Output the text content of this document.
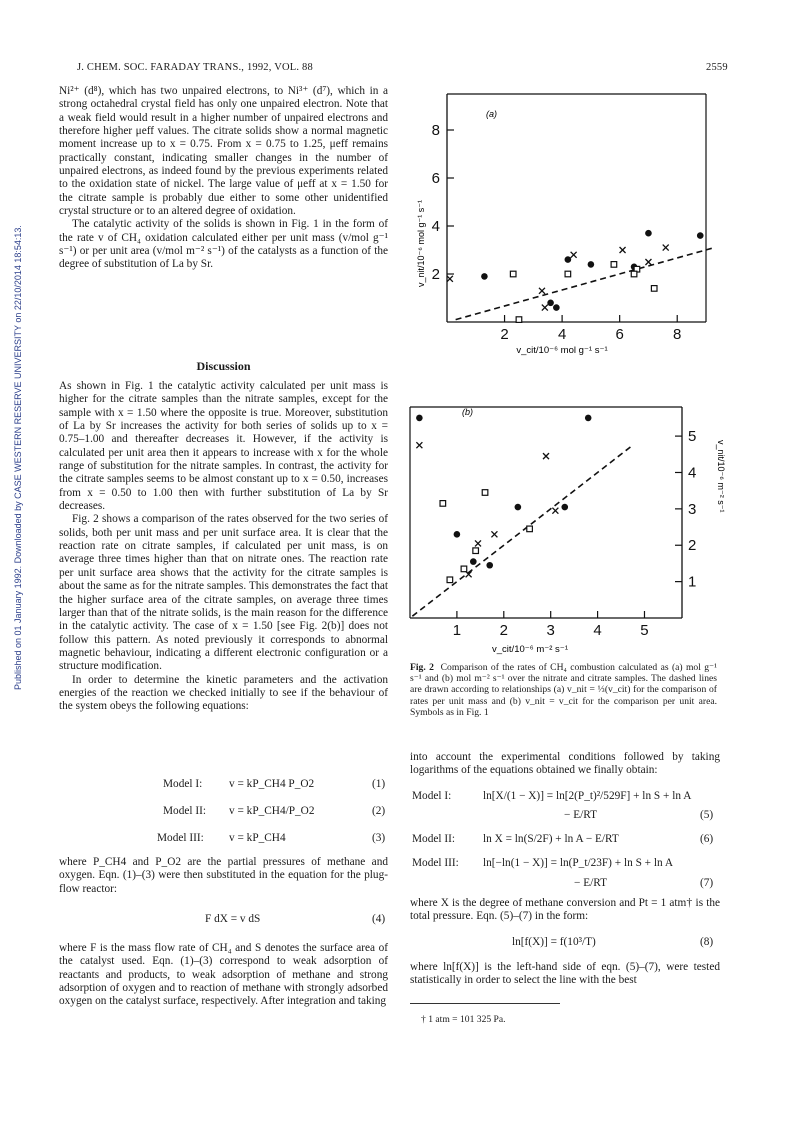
J. CHEM. SOC. FARADAY TRANS., 1992, VOL. 88	2559
Published on 01 January 1992. Downloaded by CASE WESTERN RESERVE UNIVERSITY on 22/10/2014 18:54:13.

Ni²⁺ (d⁸), which has two unpaired electrons, to Ni³⁺ (d⁷), which in a strong octahedral crystal field has only one unpaired electron. Note that a weak field would result in a higher number of unpaired electrons and therefore higher μeff values. The citrate solids show a normal magnetic moment increase up to x = 0.75. From x = 0.75 to 1.25, μeff remains practically constant, indicating smaller changes in the number of unpaired electrons, as indeed found by the previous experiments related to the oxidation state of nickel. The large value of μeff at x = 1.50 for the citrate sample is probably due either to some other unidentified crystal structure or to an altered degree of oxidation.

The catalytic activity of the solids is shown in Fig. 1 in the form of the rate v of CH₄ oxidation calculated either per unit mass (v/mol g⁻¹ s⁻¹) or per unit area (v/mol m⁻² s⁻¹) of the catalysts as a function of the degree of substitution of La by Sr.

Discussion

As shown in Fig. 1 the catalytic activity calculated per unit mass is higher for the citrate samples than the nitrate samples, except for the sample with x = 1.50 where the opposite is true. Moreover, substitution of La by Sr increases the activity for both series of solids up to x = 0.75–1.00 and thereafter decreases it. However, if the activity is calculated per unit area then it appears to increase with x for the whole range of substitution for the nitrate samples. In contrast, the activity for the citrate samples seems to be almost constant up to x = 0.50, increases from x = 0.50 to 1.00 then with further substitution of La by Sr decreases.

Fig. 2 shows a comparison of the rates observed for the two series of solids, both per unit mass and per unit surface area. It is clear that the reaction rate on citrate samples, if calculated per unit mass, is on average three times higher than that on nitrate ones. The reaction rate per unit surface area shows that the activity for the citrate samples is about the same as for the nitrate samples. This demonstrates the fact that the higher surface area of the citrate samples, on average three times larger than that of the nitrate solids, is the main reason for the difference in the catalytic activity. The case of x = 1.50 [see Fig. 2(b)] does not follow this pattern. As noted previously it corresponds to abnormal magnetic behaviour, indicating a different electronic configuration or a structure modification.

In order to determine the kinetic parameters and the activation energies of the reaction we checked initially to see if the behaviour of the system obeys the following equations:

Model I: v = kP_CH4 P_O2	(1)
Model II: v = kP_CH4/P_O2	(2)
Model III: v = kP_CH4	(3)

where P_CH4 and P_O2 are the partial pressures of methane and oxygen. Eqn. (1)–(3) were then substituted in the equation for the plug-flow reactor:

F dX = v dS	(4)

where F is the mass flow rate of CH₄ and S denotes the surface area of the catalyst used. Eqn. (1)–(3) correspond to weak adsorption of reactants and products, to weak adsorption of methane and strong adsorption of oxygen and to reaction of methane with strongly adsorbed oxygen on the catalyst surface, respectively. After integration and taking

2	4	6	8
2
4
6
8
(a)
v_cit/10⁻⁶ mol g⁻¹ s⁻¹
v_nit/10⁻⁶ mol g⁻¹ s⁻¹
1	2	3	4	5
1
2
3
4
5
(b)
v_cit/10⁻⁶ m⁻² s⁻¹
v_nit/10⁻⁶ m⁻² s⁻¹
Fig. 2 Comparison of the rates of CH₄ combustion calculated as (a) mol g⁻¹ s⁻¹ and (b) mol m⁻² s⁻¹ over the nitrate and citrate samples. The dashed lines are drawn according to relationships (a) v_nit = ⅓(v_cit) for the comparison of rates per unit mass and (b) v_nit = v_cit for the comparison per unit area. Symbols as in Fig. 1

into account the experimental conditions followed by taking logarithms of the equations obtained we finally obtain:

Model I:	ln[X/(1 − X)] = ln[2(P_t)²/529F] + ln S + ln A
− E/RT	(5)
Model II: ln X = ln(S/2F) + ln A − E/RT	(6)
Model III: ln[−ln(1 − X)] = ln(P_t/23F) + ln S + ln A
− E/RT	(7)

where X is the degree of methane conversion and Pt = 1 atm† is the total pressure. Eqn. (5)–(7) in the form:

ln[f(X)] = f(10³/T)	(8)

where ln[f(X)] is the left-hand side of eqn. (5)–(7), were tested statistically in order to select the line with the best

† 1 atm = 101 325 Pa.
